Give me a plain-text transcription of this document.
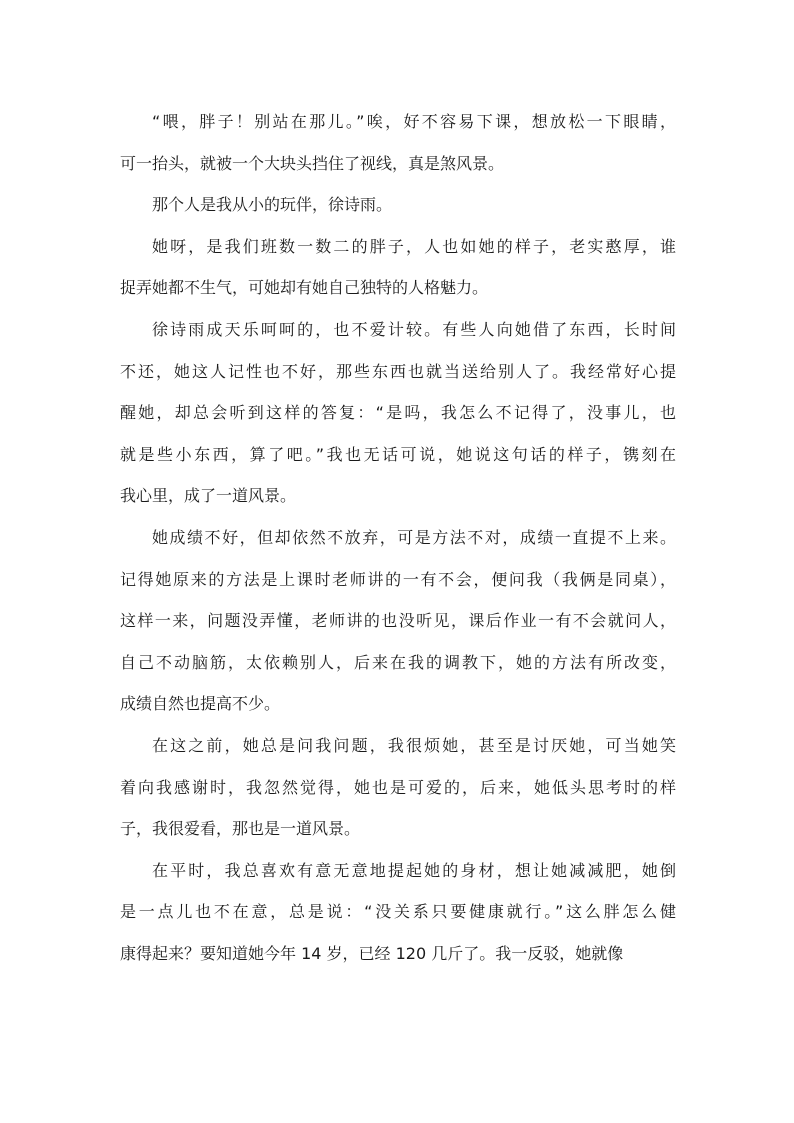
“喂，胖子！别站在那儿。”唉，好不容易下课，想放松一下眼睛，
可一抬头，就被一个大块头挡住了视线，真是煞风景。
那个人是我从小的玩伴，徐诗雨。
她呀，是我们班数一数二的胖子，人也如她的样子，老实憨厚，谁
捉弄她都不生气，可她却有她自己独特的人格魅力。
徐诗雨成天乐呵呵的，也不爱计较。有些人向她借了东西，长时间
不还，她这人记性也不好，那些东西也就当送给别人了。我经常好心提
醒她，却总会听到这样的答复：“是吗，我怎么不记得了，没事儿，也
就是些小东西，算了吧。”我也无话可说，她说这句话的样子，镌刻在
我心里，成了一道风景。
她成绩不好，但却依然不放弃，可是方法不对，成绩一直提不上来。
记得她原来的方法是上课时老师讲的一有不会，便问我（我俩是同桌），
这样一来，问题没弄懂，老师讲的也没听见，课后作业一有不会就问人，
自己不动脑筋，太依赖别人，后来在我的调教下，她的方法有所改变，
成绩自然也提高不少。
在这之前，她总是问我问题，我很烦她，甚至是讨厌她，可当她笑
着向我感谢时，我忽然觉得，她也是可爱的，后来，她低头思考时的样
子，我很爱看，那也是一道风景。
在平时，我总喜欢有意无意地提起她的身材，想让她减减肥，她倒
是一点儿也不在意，总是说：“没关系只要健康就行。”这么胖怎么健
康得起来？要知道她今年 14 岁，已经 120 几斤了。我一反驳，她就像
